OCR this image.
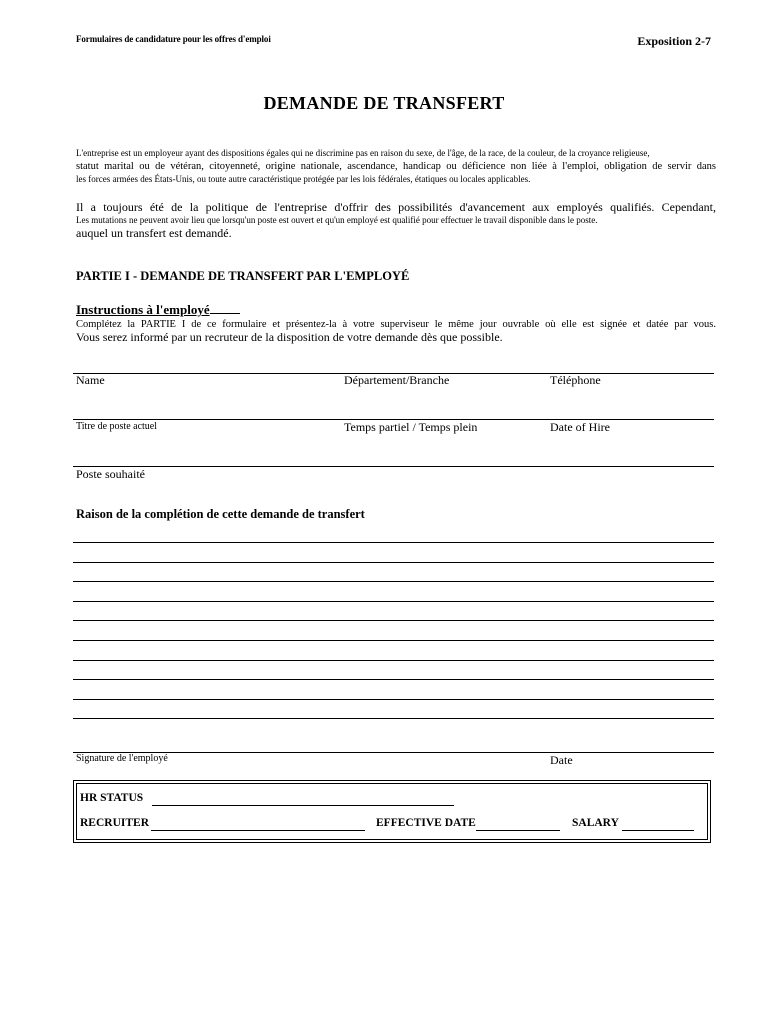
Formulaires de candidature pour les offres d'emploi	Exposition 2-7
DEMANDE DE TRANSFERT
L'entreprise est un employeur ayant des dispositions égales qui ne discrimine pas en raison du sexe, de l'âge, de la race, de la couleur, de la croyance religieuse,
statut marital ou de vétéran, citoyenneté, origine nationale, ascendance, handicap ou déficience non liée à l'emploi, obligation de servir dans
les forces armées des États-Unis, ou toute autre caractéristique protégée par les lois fédérales, étatiques ou locales applicables.
Il a toujours été de la politique de l'entreprise d'offrir des possibilités d'avancement aux employés qualifiés. Cependant,
Les mutations ne peuvent avoir lieu que lorsqu'un poste est ouvert et qu'un employé est qualifié pour effectuer le travail disponible dans le poste.
auquel un transfert est demandé.
PARTIE I - DEMANDE DE TRANSFERT PAR L'EMPLOYÉ
Instructions à l'employé
Complétez la PARTIE I de ce formulaire et présentez-la à votre superviseur le même jour ouvrable où elle est signée et datée par vous.
Vous serez informé par un recruteur de la disposition de votre demande dès que possible.
Name	Département/Branche	Téléphone
Titre de poste actuel	Temps partiel / Temps plein	Date of Hire
Poste souhaité
Raison de la complétion de cette demande de transfert
Signature de l'employé	Date
HR STATUS
RECRUITER	EFFECTIVE DATE	SALARY
